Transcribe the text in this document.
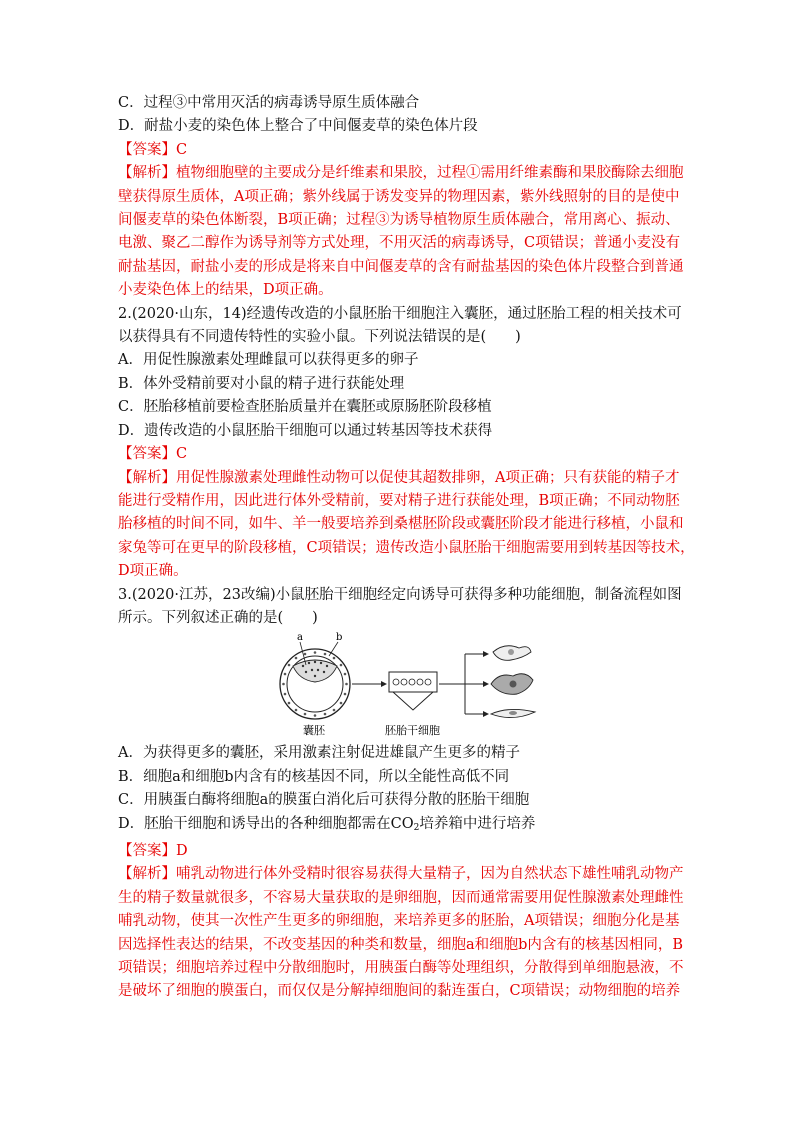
C．过程③中常用灭活的病毒诱导原生质体融合
D．耐盐小麦的染色体上整合了中间偃麦草的染色体片段
【答案】C
【解析】植物细胞壁的主要成分是纤维素和果胶，过程①需用纤维素酶和果胶酶除去细胞
壁获得原生质体，A项正确；紫外线属于诱发变异的物理因素，紫外线照射的目的是使中
间偃麦草的染色体断裂，B项正确；过程③为诱导植物原生质体融合，常用离心、振动、
电激、聚乙二醇作为诱导剂等方式处理，不用灭活的病毒诱导，C项错误；普通小麦没有
耐盐基因，耐盐小麦的形成是将来自中间偃麦草的含有耐盐基因的染色体片段整合到普通
小麦染色体上的结果，D项正确。
2.(2020·山东，14)经遗传改造的小鼠胚胎干细胞注入囊胚，通过胚胎工程的相关技术可
以获得具有不同遗传特性的实验小鼠。下列说法错误的是(　　)
A．用促性腺激素处理雌鼠可以获得更多的卵子
B．体外受精前要对小鼠的精子进行获能处理
C．胚胎移植前要检查胚胎质量并在囊胚或原肠胚阶段移植
D．遗传改造的小鼠胚胎干细胞可以通过转基因等技术获得
【答案】C
【解析】用促性腺激素处理雌性动物可以促使其超数排卵，A项正确；只有获能的精子才
能进行受精作用，因此进行体外受精前，要对精子进行获能处理，B项正确；不同动物胚
胎移植的时间不同，如牛、羊一般要培养到桑椹胚阶段或囊胚阶段才能进行移植，小鼠和
家兔等可在更早的阶段移植，C项错误；遗传改造小鼠胚胎干细胞需要用到转基因等技术，
D项正确。
3.(2020·江苏，23改编)小鼠胚胎干细胞经定向诱导可获得多种功能细胞，制备流程如图
所示。下列叙述正确的是(　　)
a	b
囊胚	胚胎干细胞
A．为获得更多的囊胚，采用激素注射促进雄鼠产生更多的精子
B．细胞a和细胞b内含有的核基因不同，所以全能性高低不同
C．用胰蛋白酶将细胞a的膜蛋白消化后可获得分散的胚胎干细胞
D．胚胎干细胞和诱导出的各种细胞都需在$CO_2$培养箱中进行培养
【答案】D
【解析】哺乳动物进行体外受精时很容易获得大量精子，因为自然状态下雄性哺乳动物产
生的精子数量就很多，不容易大量获取的是卵细胞，因而通常需要用促性腺激素处理雌性
哺乳动物，使其一次性产生更多的卵细胞，来培养更多的胚胎，A项错误；细胞分化是基
因选择性表达的结果，不改变基因的种类和数量，细胞a和细胞b内含有的核基因相同，B
项错误；细胞培养过程中分散细胞时，用胰蛋白酶等处理组织，分散得到单细胞悬液，不
是破坏了细胞的膜蛋白，而仅仅是分解掉细胞间的黏连蛋白，C项错误；动物细胞的培养
